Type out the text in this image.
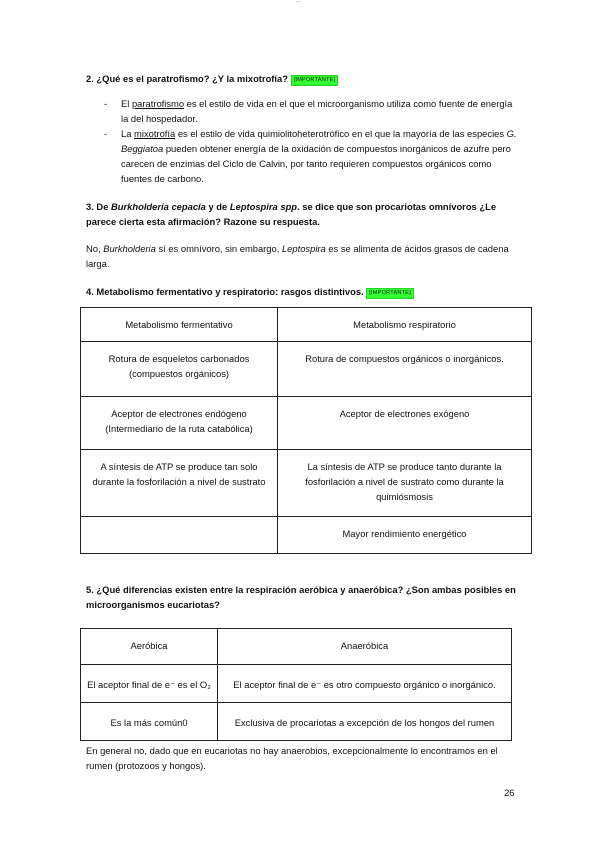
...
2. ¿Qué es el paratrofismo? ¿Y la mixotrofía? [IMPORTANTE]
- El paratrofismo es el estilo de vida en el que el microorganismo utiliza como fuente de energía la del hospedador.
- La mixotrofía es el estilo de vida quimiolitoheterotrófico en el que la mayoría de las especies G. Beggiatoa pueden obtener energía de la oxidación de compuestos inorgánicos de azufre pero carecen de enzimas del Ciclo de Calvin, por tanto requieren compuestos orgánicos como fuentes de carbono.
3. De Burkholderia cepacia y de Leptospira spp. se dice que son procariotas omnívoros ¿Le parece cierta esta afirmación? Razone su respuesta.
No, Burkholderia sí es omnívoro, sin embargo, Leptospira es se alimenta de ácidos grasos de cadena larga.
4. Metabolismo fermentativo y respiratorio: rasgos distintivos. [IMPORTANTE]
Metabolismo fermentativo	Metabolismo respiratorio
Rotura de esqueletos carbonados (compuestos orgánicos)	Rotura de compuestos orgánicos o inorgánicos.
Aceptor de electrones endógeno (Intermediario de la ruta catabólica)	Aceptor de electrones exógeno
A síntesis de ATP se produce tan solo durante la fosforilación a nivel de sustrato	La síntesis de ATP se produce tanto durante la fosforilación a nivel de sustrato como durante la quimiósmosis
	Mayor rendimiento energético
5. ¿Qué diferencias existen entre la respiración aeróbica y anaeróbica? ¿Son ambas posibles en microorganismos eucariotas?
Aeróbica	Anaeróbica
El aceptor final de e⁻ es el O₂	El aceptor final de e⁻ es otro compuesto orgánico o inorgánico.
Es la más común0	Exclusiva de procariotas a excepción de los hongos del rumen
En general no, dado que en eucariotas no hay anaerobios, excepcionalmente lo encontramos en el rumen (protozoos y hongos).
26
